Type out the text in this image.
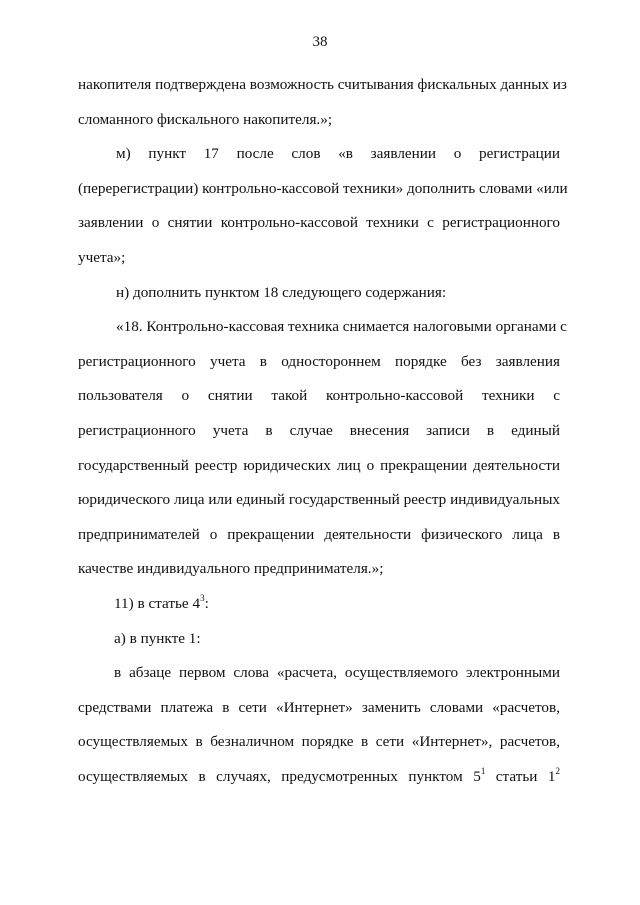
38
накопителя подтверждена возможность считывания фискальных данных из
сломанного фискального накопителя.»;
м) пункт 17 после слов «в заявлении о регистрации
(перерегистрации) контрольно-кассовой техники» дополнить словами «или
заявлении о снятии контрольно-кассовой техники с регистрационного
учета»;
н) дополнить пунктом 18 следующего содержания:
«18. Контрольно-кассовая техника снимается налоговыми органами с
регистрационного учета в одностороннем порядке без заявления
пользователя о снятии такой контрольно-кассовой техники с
регистрационного учета в случае внесения записи в единый
государственный реестр юридических лиц о прекращении деятельности
юридического лица или единый государственный реестр индивидуальных
предпринимателей о прекращении деятельности физического лица в
качестве индивидуального предпринимателя.»;
11) в статье $4^3$:
а) в пункте 1:
в абзаце первом слова «расчета, осуществляемого электронными
средствами платежа в сети «Интернет» заменить словами «расчетов,
осуществляемых в безналичном порядке в сети «Интернет», расчетов,
осуществляемых в случаях, предусмотренных пунктом $5^1$ статьи $1^2$
